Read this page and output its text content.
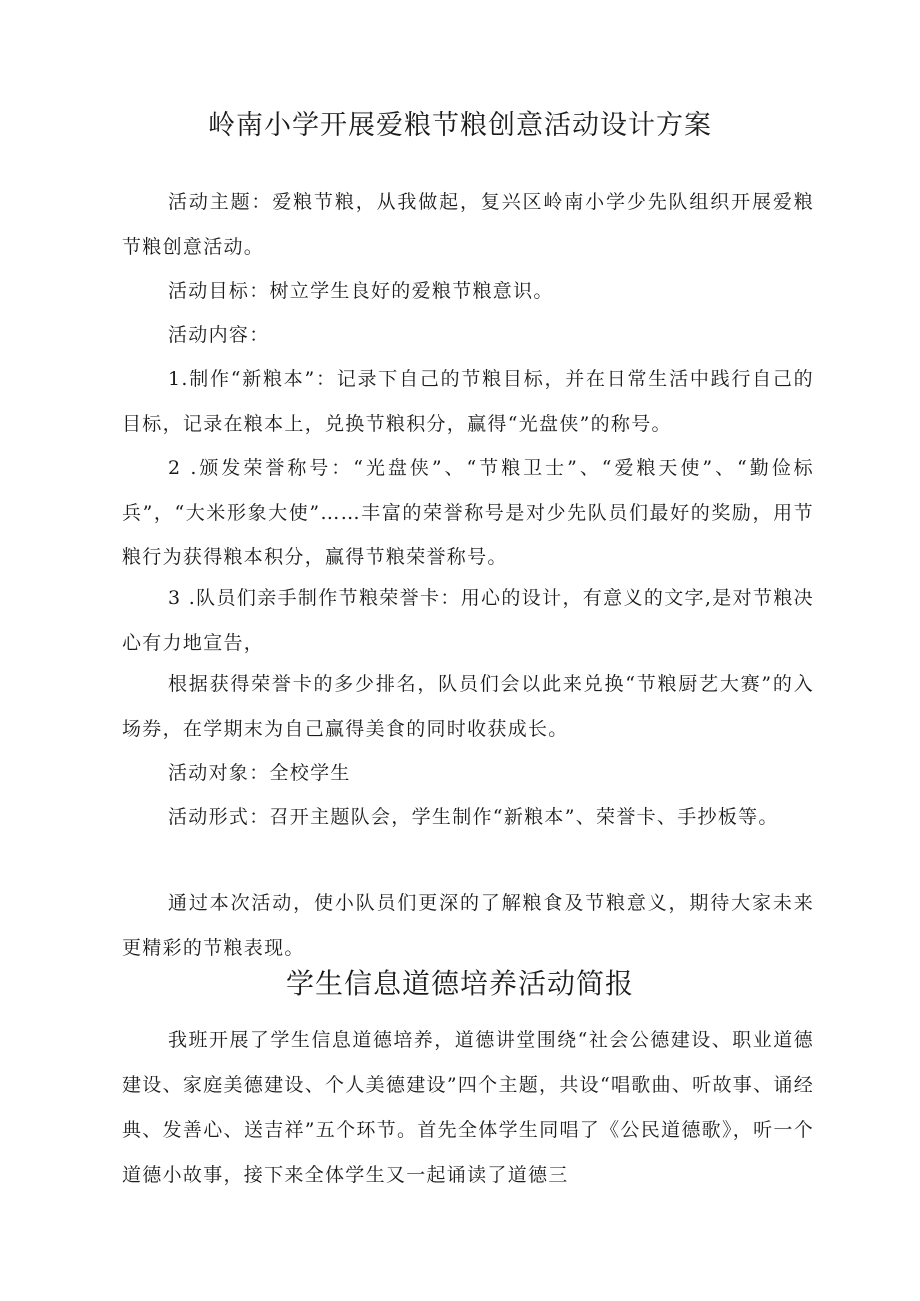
岭南小学开展爱粮节粮创意活动设计方案

活动主题：爱粮节粮，从我做起，复兴区岭南小学少先队组织开展爱粮节粮创意活动。

活动目标：树立学生良好的爱粮节粮意识。

活动内容：

1.制作“新粮本”：记录下自己的节粮目标，并在日常生活中践行自己的目标，记录在粮本上，兑换节粮积分，赢得“光盘侠”的称号。

2 .颁发荣誉称号：“光盘侠”、“节粮卫士”、“爱粮天使”、“勤俭标兵”，“大米形象大使”……丰富的荣誉称号是对少先队员们最好的奖励，用节粮行为获得粮本积分，赢得节粮荣誉称号。

3 .队员们亲手制作节粮荣誉卡：用心的设计，有意义的文字,是对节粮决心有力地宣告，

根据获得荣誉卡的多少排名，队员们会以此来兑换“节粮厨艺大赛”的入场券，在学期末为自己赢得美食的同时收获成长。

活动对象：全校学生

活动形式：召开主题队会，学生制作“新粮本”、荣誉卡、手抄板等。

通过本次活动，使小队员们更深的了解粮食及节粮意义，期待大家未来更精彩的节粮表现。

学生信息道德培养活动简报

我班开展了学生信息道德培养，道德讲堂围绕“社会公德建设、职业道德建设、家庭美德建设、个人美德建设”四个主题，共设“唱歌曲、听故事、诵经典、发善心、送吉祥”五个环节。首先全体学生同唱了《公民道德歌》，听一个道德小故事，接下来全体学生又一起诵读了道德三
